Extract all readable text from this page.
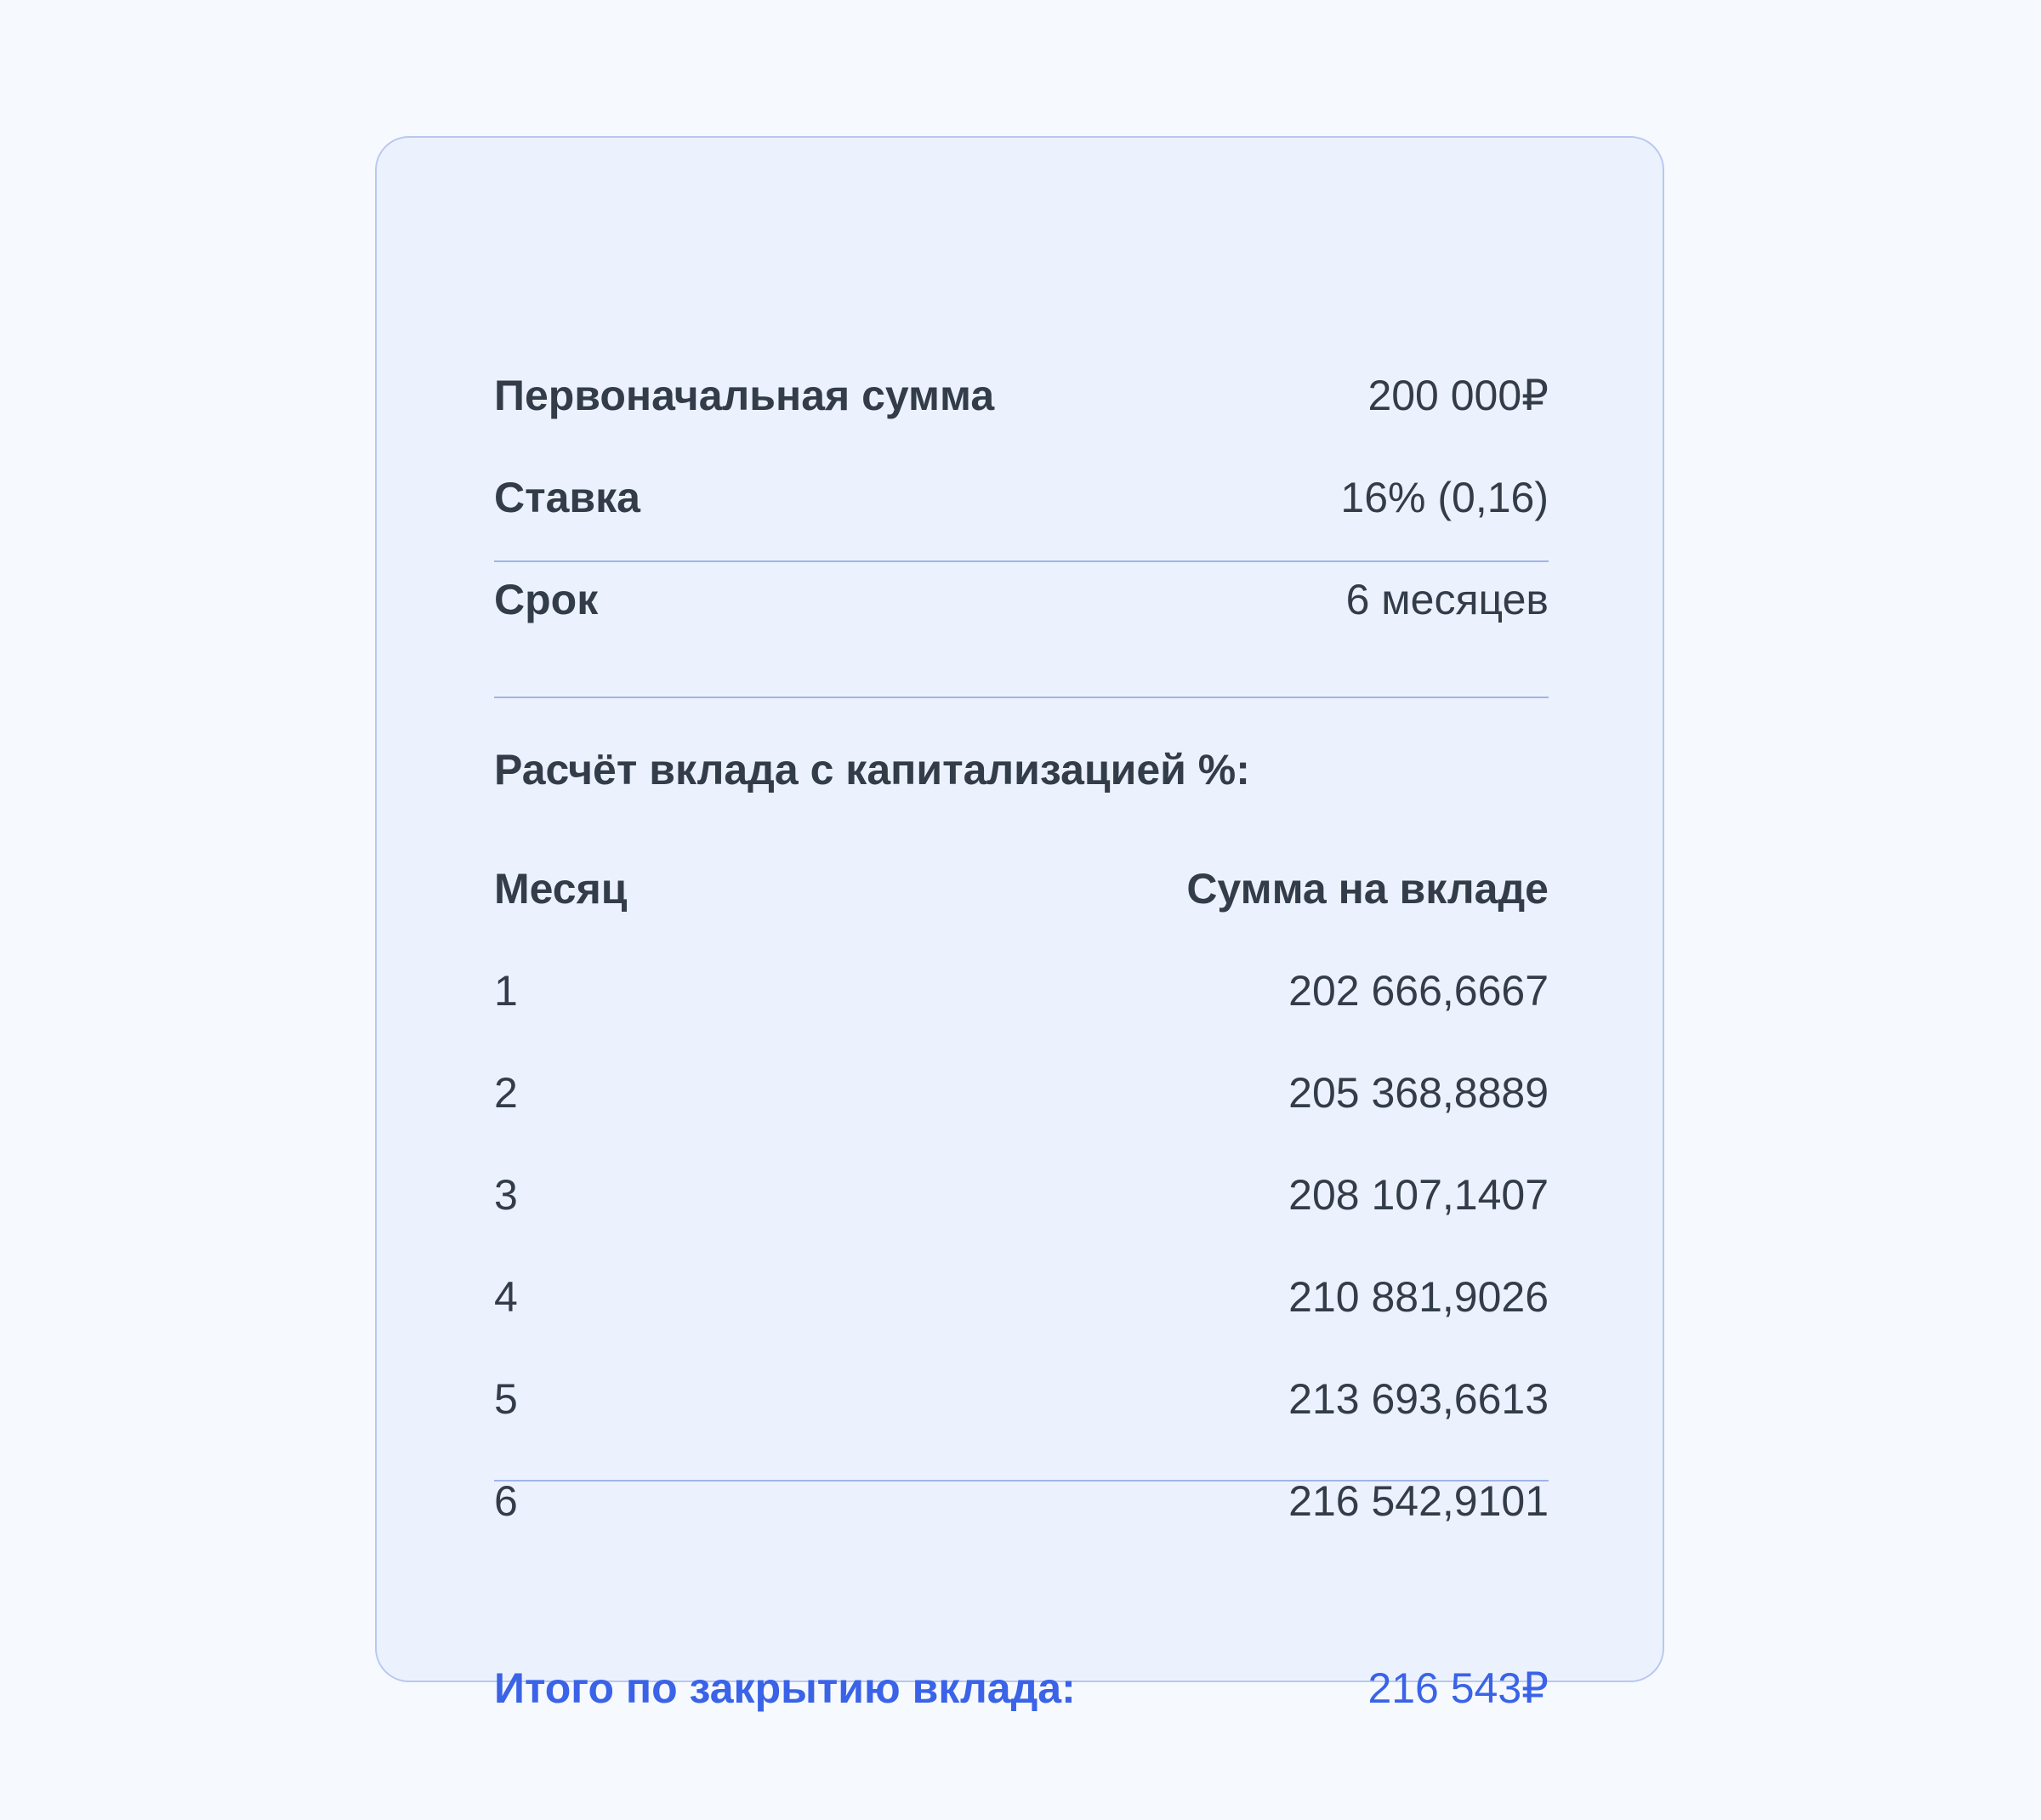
Первоначальная сумма	200 000₽
Ставка	16% (0,16)
Срок	6 месяцев
Расчёт вклада с капитализацией %:
Месяц	Сумма на вкладе
1	202 666,6667
2	205 368,8889
3	208 107,1407
4	210 881,9026
5	213 693,6613
6	216 542,9101
Итого по закрытию вклада:	216 543₽
